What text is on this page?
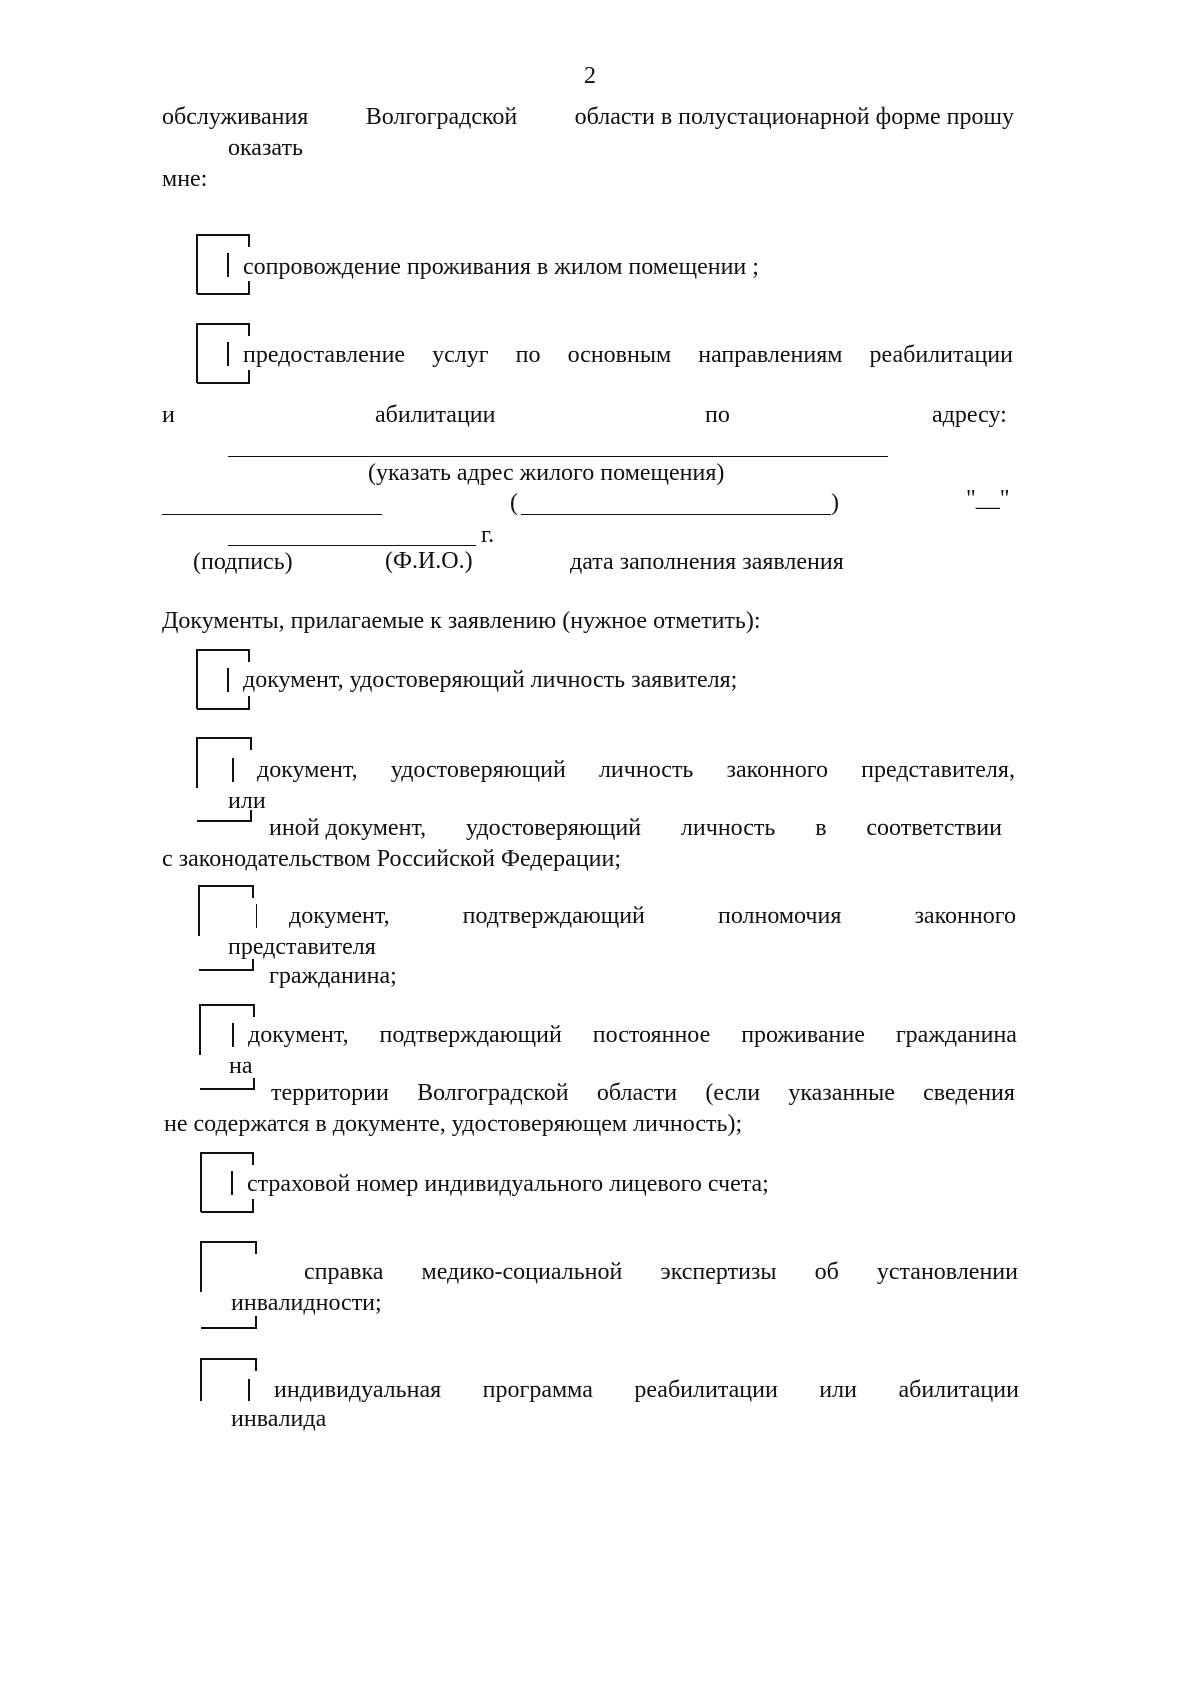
2
обслуживания Волгоградской области в полустационарной форме прошу
оказать
мне:
сопровождение проживания в жилом помещении ;
предоставление услуг по основным направлениям реабилитации
и	абилитации	по	адресу:
(указать адрес жилого помещения)
(	)	"__"
г.
(подпись)	(Ф.И.О.)	дата заполнения заявления
Документы, прилагаемые к заявлению (нужное отметить):
документ, удостоверяющий личность заявителя;
документ, удостоверяющий личность законного представителя,
или
иной документ, удостоверяющий личность в соответствии
с законодательством Российской Федерации;
документ,	подтверждающий	полномочия	законного
представителя
гражданина;
документ, подтверждающий постоянное проживание гражданина
на
территории Волгоградской области (если указанные сведения
не содержатся в документе, удостоверяющем личность);
страховой номер индивидуального лицевого счета;
справка медико-социальной экспертизы об установлении
инвалидности;
индивидуальная программа реабилитации или абилитации
инвалида
